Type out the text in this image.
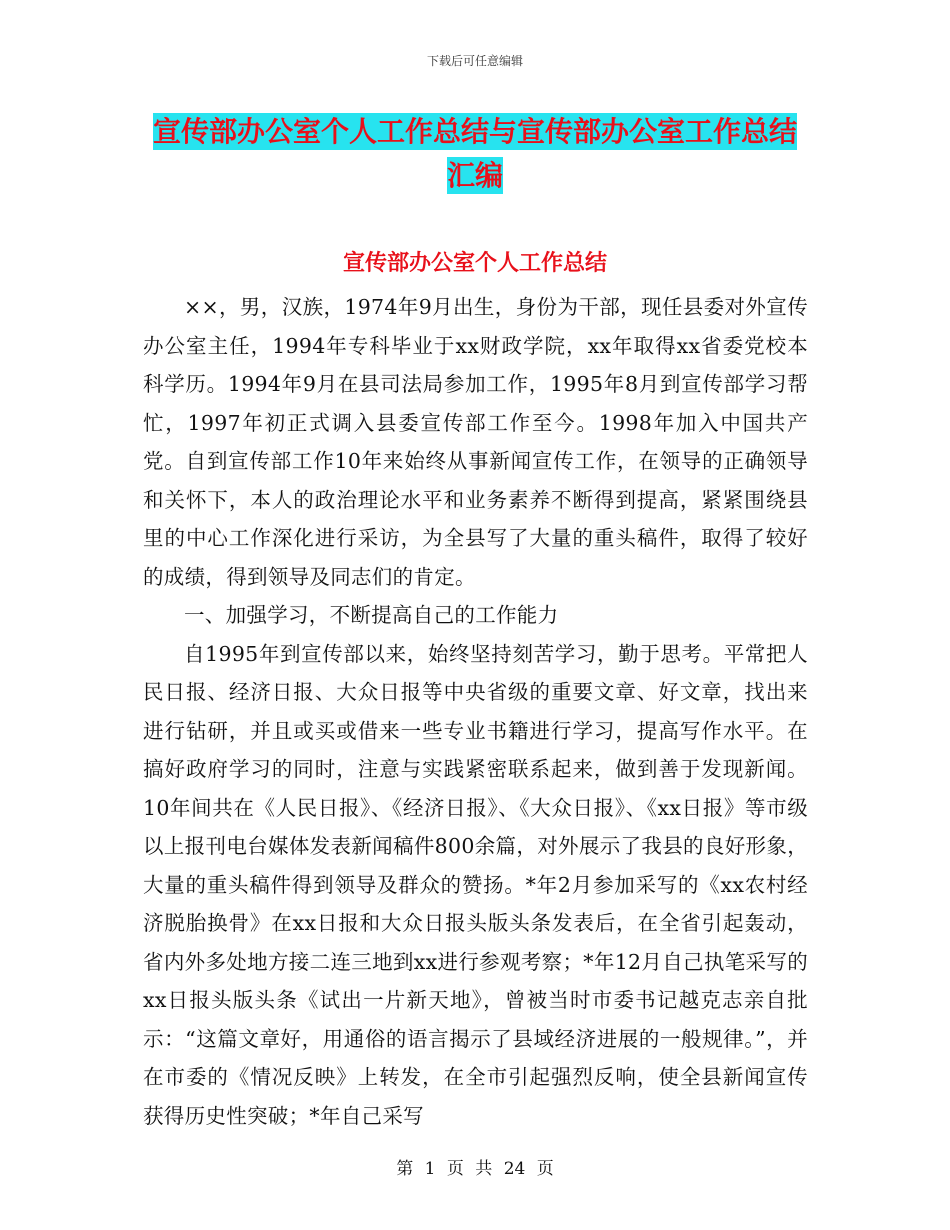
下载后可任意编辑
宣传部办公室个人工作总结与宣传部办公室工作总结汇编
宣传部办公室个人工作总结

××，男，汉族，1974年9月出生，身份为干部，现任县委对外宣传办公室主任，1994年专科毕业于xx财政学院，xx年取得xx省委党校本科学历。1994年9月在县司法局参加工作，1995年8月到宣传部学习帮忙，1997年初正式调入县委宣传部工作至今。1998年加入中国共产党。自到宣传部工作10年来始终从事新闻宣传工作，在领导的正确领导和关怀下，本人的政治理论水平和业务素养不断得到提高，紧紧围绕县里的中心工作深化进行采访，为全县写了大量的重头稿件，取得了较好的成绩，得到领导及同志们的肯定。

一、加强学习，不断提高自己的工作能力

自1995年到宣传部以来，始终坚持刻苦学习，勤于思考。平常把人民日报、经济日报、大众日报等中央省级的重要文章、好文章，找出来进行钻研，并且或买或借来一些专业书籍进行学习，提高写作水平。在搞好政府学习的同时，注意与实践紧密联系起来，做到善于发现新闻。10年间共在《人民日报》、《经济日报》、《大众日报》、《xx日报》等市级以上报刊电台媒体发表新闻稿件800余篇，对外展示了我县的良好形象，大量的重头稿件得到领导及群众的赞扬。*年2月参加采写的《xx农村经济脱胎换骨》在xx日报和大众日报头版头条发表后，在全省引起轰动，省内外多处地方接二连三地到xx进行参观考察；*年12月自己执笔采写的xx日报头版头条《试出一片新天地》，曾被当时市委书记越克志亲自批示：“这篇文章好，用通俗的语言揭示了县域经济进展的一般规律。”，并在市委的《情况反映》上转发，在全市引起强烈反响，使全县新闻宣传获得历史性突破；*年自己采写

第 1 页 共 24 页
